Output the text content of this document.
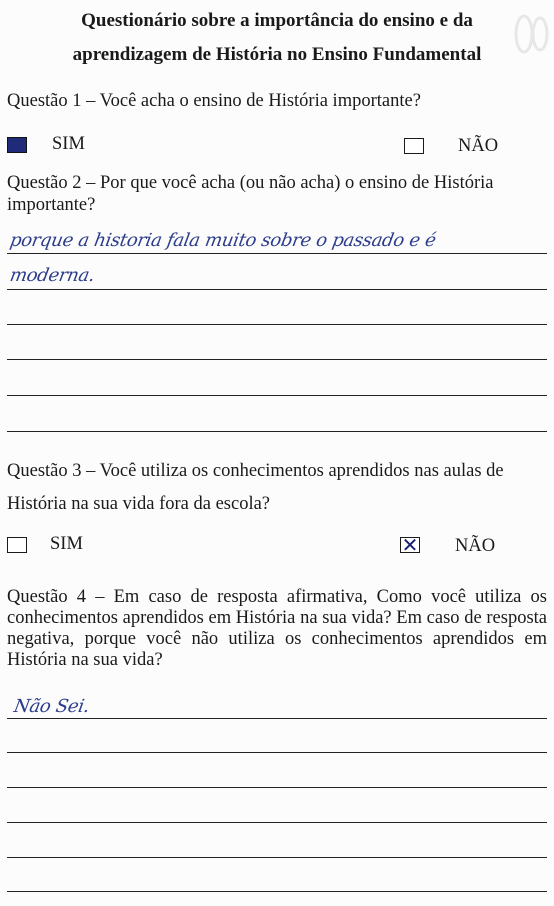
Questionário sobre a importância do ensino e da
aprendizagem de História no Ensino Fundamental
Questão 1 – Você acha o ensino de História importante?
SIM	NÃO
Questão 2 – Por que você acha (ou não acha) o ensino de História importante?
porque a historia fala muito sobre o passado e é
moderna.
Questão 3 – Você utiliza os conhecimentos aprendidos nas aulas de História na sua vida fora da escola?
SIM	✕ NÃO
Questão 4 – Em caso de resposta afirmativa, Como você utiliza os conhecimentos aprendidos em História na sua vida? Em caso de resposta negativa, porque você não utiliza os conhecimentos aprendidos em História na sua vida?
Não Sei.
